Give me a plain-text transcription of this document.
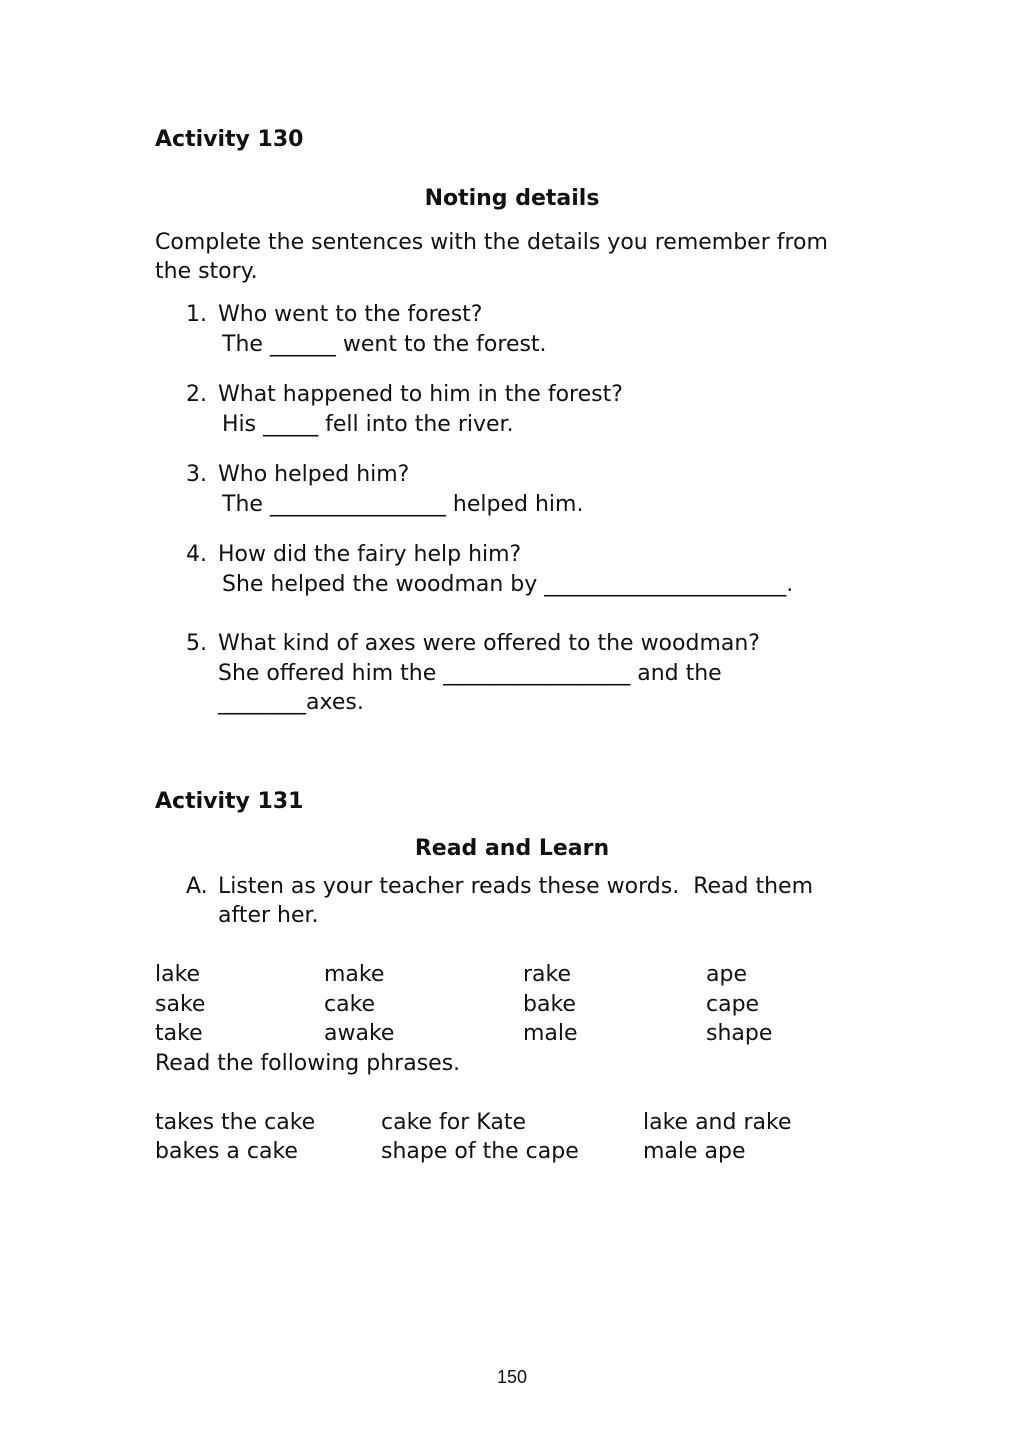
Activity 130
Noting details
Complete the sentences with the details you remember from
the story.
1. Who went to the forest?
The ______ went to the forest.
2. What happened to him in the forest?
His _____ fell into the river.
3. Who helped him?
The ________________ helped him.
4. How did the fairy help him?
She helped the woodman by ______________________.
5. What kind of axes were offered to the woodman?
She offered him the _________________ and the
________axes.
Activity 131
Read and Learn
A. Listen as your teacher reads these words.  Read them
after her.
lake	make	rake	ape
sake	cake	bake	cape
take	awake	male	shape
Read the following phrases.
takes the cake	cake for Kate	lake and rake
bakes a cake	shape of the cape	male ape
150
